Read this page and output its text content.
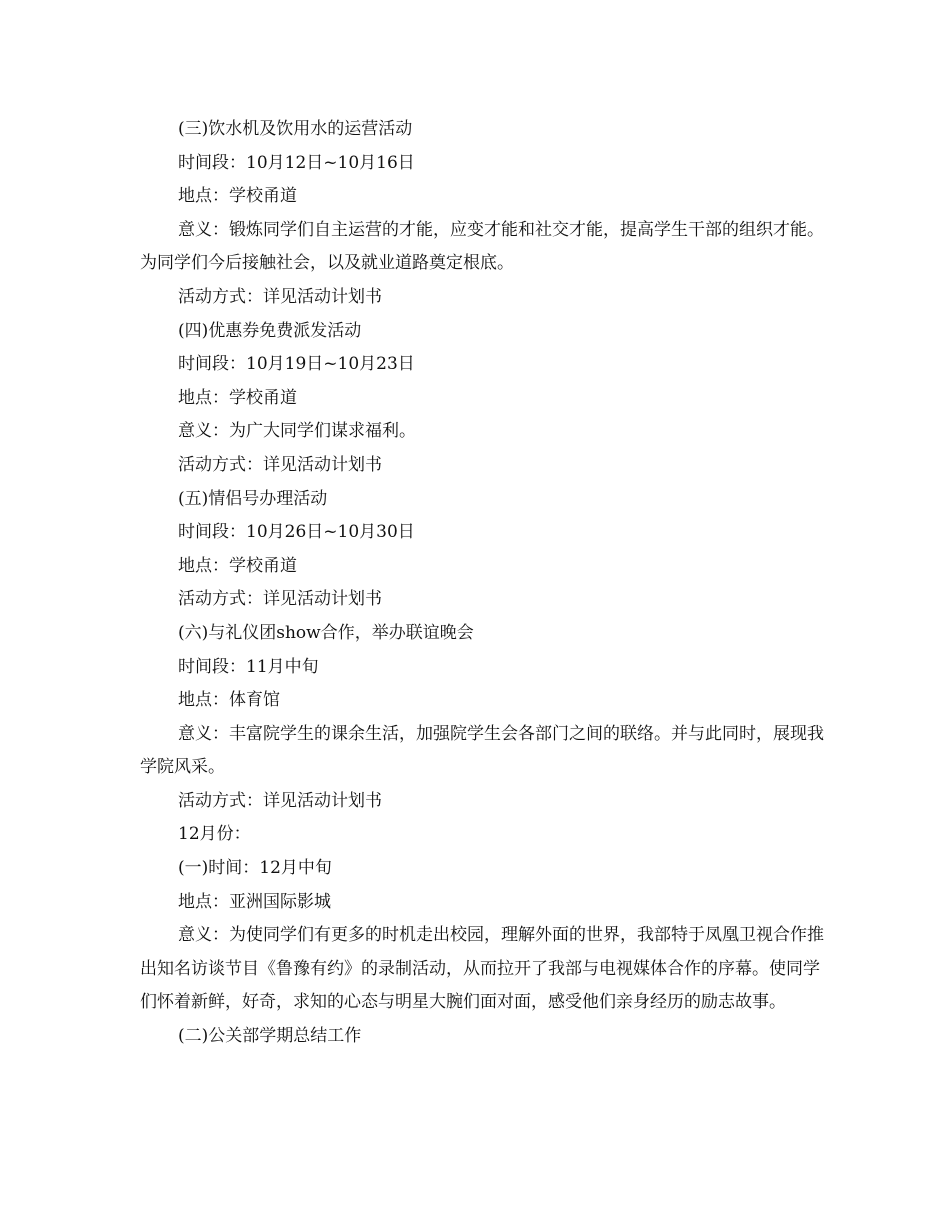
(三)饮水机及饮用水的运营活动

时间段：10月12日~10月16日

地点：学校甬道

意义：锻炼同学们自主运营的才能，应变才能和社交才能，提高学生干部的组织才能。为同学们今后接触社会，以及就业道路奠定根底。

活动方式：详见活动计划书

(四)优惠券免费派发活动

时间段：10月19日~10月23日

地点：学校甬道

意义：为广大同学们谋求福利。

活动方式：详见活动计划书

(五)情侣号办理活动

时间段：10月26日~10月30日

地点：学校甬道

活动方式：详见活动计划书

(六)与礼仪团show合作，举办联谊晚会

时间段：11月中旬

地点：体育馆

意义：丰富院学生的课余生活，加强院学生会各部门之间的联络。并与此同时，展现我学院风采。

活动方式：详见活动计划书

12月份：

(一)时间：12月中旬

地点：亚洲国际影城

意义：为使同学们有更多的时机走出校园，理解外面的世界，我部特于凤凰卫视合作推出知名访谈节目《鲁豫有约》的录制活动，从而拉开了我部与电视媒体合作的序幕。使同学们怀着新鲜，好奇，求知的心态与明星大腕们面对面，感受他们亲身经历的励志故事。

(二)公关部学期总结工作
